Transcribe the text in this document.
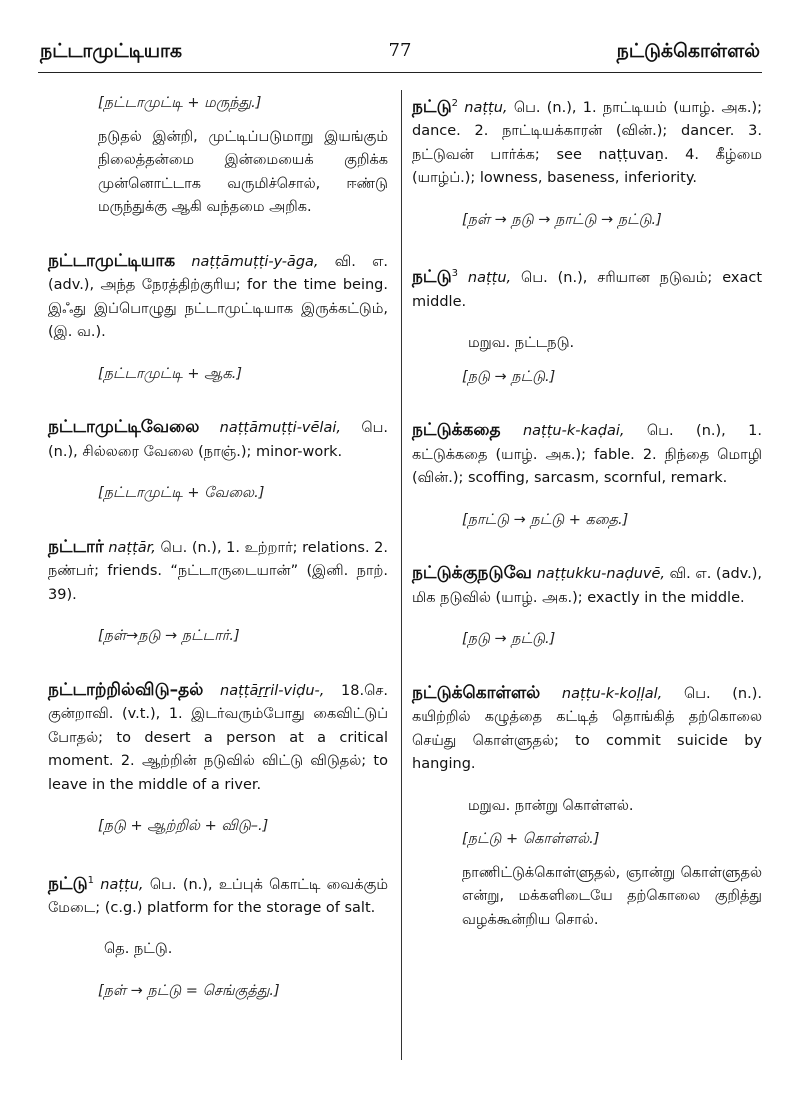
நட்டாமுட்டியாக	77	நட்டுக்கொள்ளல்
[நட்டாமுட்டி + மருந்து.]
நடுதல் இன்றி, முட்டிப்படுமாறு இயங்கும் நிலைத்தன்மை இன்மையைக் குறிக்க முன்னொட்டாக வருமிச்சொல், ஈண்டு மருந்துக்கு ஆகி வந்தமை அறிக.
நட்டாமுட்டியாக naṭṭāmuṭṭi-y-āga, வி. எ. (adv.), அந்த நேரத்திற்குரிய; for the time being. இஃது இப்பொழுது நட்டாமுட்டியாக இருக்கட்டும், (இ. வ.).
[நட்டாமுட்டி + ஆக.]
நட்டாமுட்டிவேலை naṭṭāmuṭṭi-vēlai, பெ. (n.), சில்லரை வேலை (நாஞ்.); minor-work.
[நட்டாமுட்டி + வேலை.]
நட்டார் naṭṭār, பெ. (n.), 1. உற்றார்; relations. 2. நண்பர்; friends. “நட்டாருடையான்” (இனி. நாற். 39).
[நள்→நடு → நட்டார்.]
நட்டாற்றில்விடு–தல் naṭṭāṟṟil-viḍu-, 18.செ. குன்றாவி. (v.t.), 1. இடர்வரும்போது கைவிட்டுப் போதல்; to desert a person at a critical moment. 2. ஆற்றின் நடுவில் விட்டு விடுதல்; to leave in the middle of a river.
[நடு + ஆற்றில் + விடு–.]
நட்டு$^1$ naṭṭu, பெ. (n.), உப்புக் கொட்டி வைக்கும் மேடை; (c.g.) platform for the storage of salt.
தெ. நட்டு.
[நள் → நட்டு = செங்குத்து.]
நட்டு$^2$ naṭṭu, பெ. (n.), 1. நாட்டியம் (யாழ். அக.); dance. 2. நாட்டியக்காரன் (வின்.); dancer. 3. நட்டுவன் பார்க்க; see naṭṭuvaṉ. 4. கீழ்மை (யாழ்ப்.); lowness, baseness, inferiority.
[நள் → நடு → நாட்டு → நட்டு.]
நட்டு$^3$ naṭṭu, பெ. (n.), சரியான நடுவம்; exact middle.
மறுவ. நட்டநடு.
[நடு → நட்டு.]
நட்டுக்கதை naṭṭu-k-kaḍai, பெ. (n.), 1. கட்டுக்கதை (யாழ். அக.); fable. 2. நிந்தை மொழி (வின்.); scoffing, sarcasm, scornful, remark.
[நாட்டு → நட்டு + கதை.]
நட்டுக்குநடுவே naṭṭukku-naḍuvē, வி. எ. (adv.), மிக நடுவில் (யாழ். அக.); exactly in the middle.
[நடு → நட்டு.]
நட்டுக்கொள்ளல் naṭṭu-k-koḷḷal, பெ. (n.). கயிற்றில் கழுத்தை கட்டித் தொங்கித் தற்கொலை செய்து கொள்ளுதல்; to commit suicide by hanging.
மறுவ. நான்று கொள்ளல்.
[நட்டு + கொள்ளல்.]
நாணிட்டுக்கொள்ளுதல், ஞான்று கொள்ளுதல் என்று, மக்களிடையே தற்கொலை குறித்து வழக்கூன்றிய சொல்.
